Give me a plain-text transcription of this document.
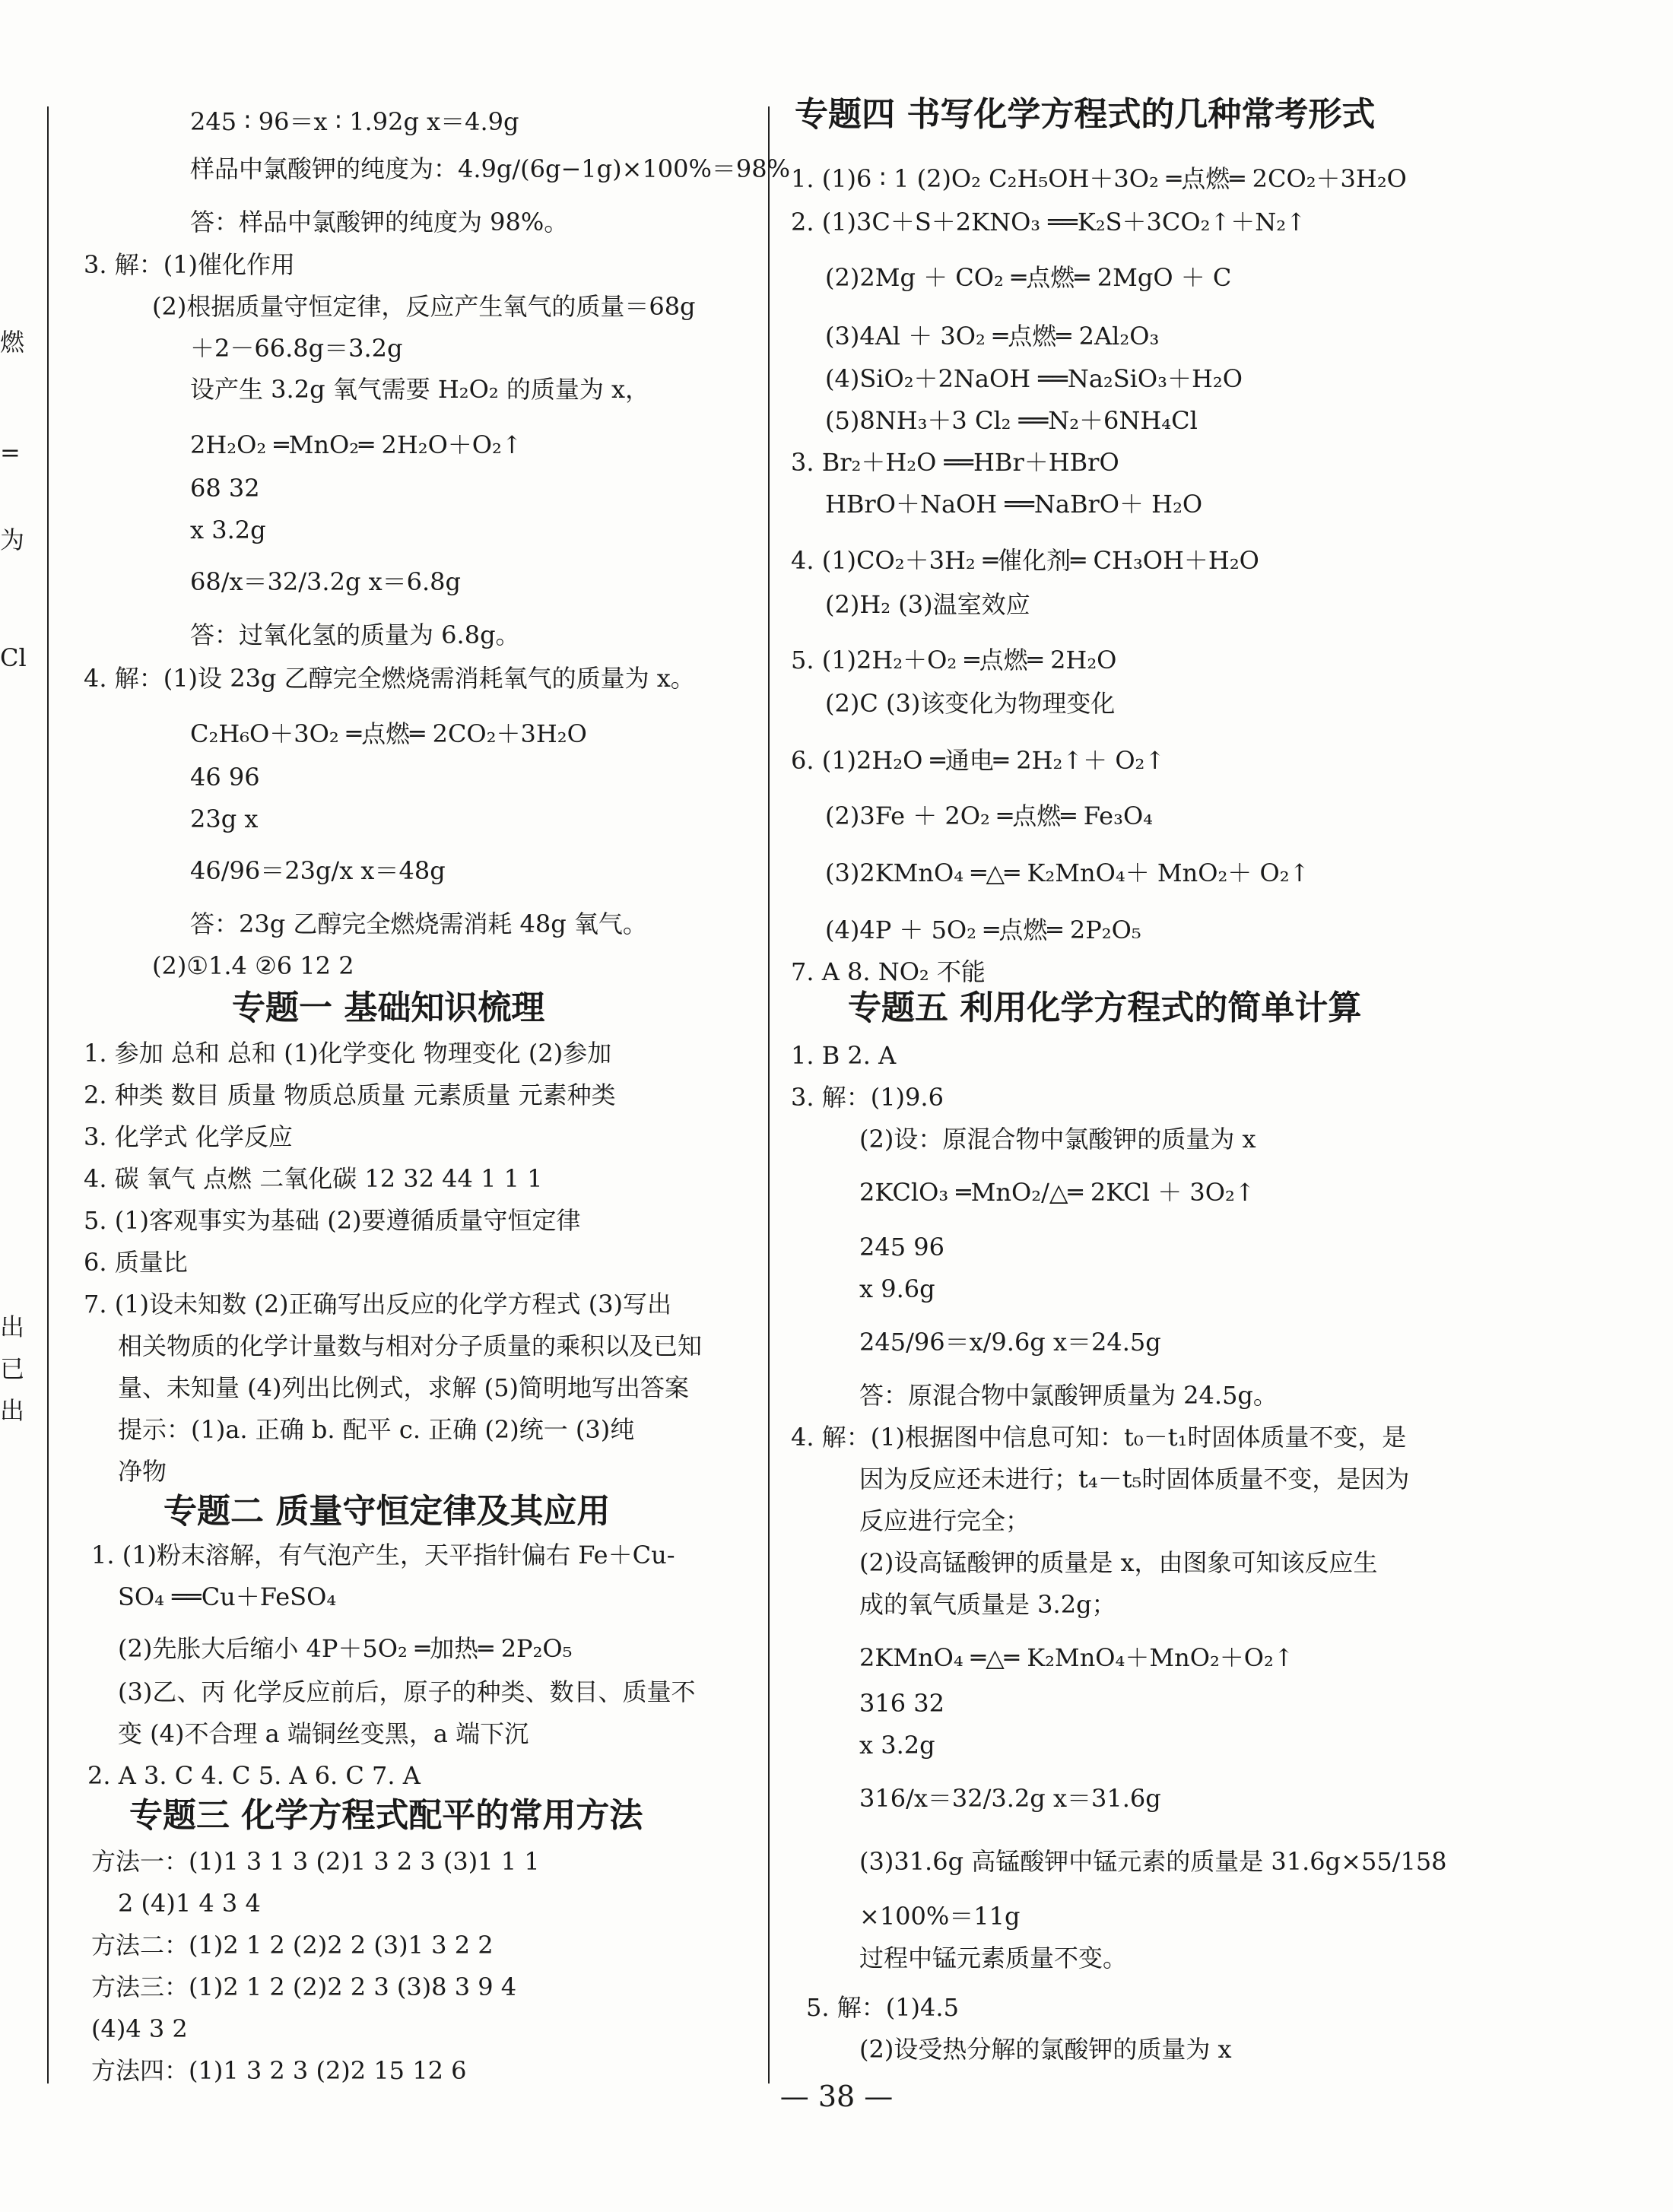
燃
=
为
Cl
出
已
出
245 ∶ 96＝x ∶ 1.92g x＝4.9g
样品中氯酸钾的纯度为：4.9g/(6g−1g)×100%＝98%
答：样品中氯酸钾的纯度为 98%。
3. 解：(1)催化作用
(2)根据质量守恒定律，反应产生氧气的质量＝68g
＋2－66.8g＝3.2g
设产生 3.2g 氧气需要 H₂O₂ 的质量为 x，
2H₂O₂ ═MnO₂═ 2H₂O＋O₂↑
68 32
x 3.2g
68/x＝32/3.2g x＝6.8g
答：过氧化氢的质量为 6.8g。
4. 解：(1)设 23g 乙醇完全燃烧需消耗氧气的质量为 x。
C₂H₆O＋3O₂ ═点燃═ 2CO₂＋3H₂O
46 96
23g x
46/96＝23g/x x＝48g
答：23g 乙醇完全燃烧需消耗 48g 氧气。
(2)①1.4 ②6 12 2
专题一 基础知识梳理
1. 参加 总和 总和 (1)化学变化 物理变化 (2)参加
2. 种类 数目 质量 物质总质量 元素质量 元素种类
3. 化学式 化学反应
4. 碳 氧气 点燃 二氧化碳 12 32 44 1 1 1
5. (1)客观事实为基础 (2)要遵循质量守恒定律
6. 质量比
7. (1)设未知数 (2)正确写出反应的化学方程式 (3)写出
相关物质的化学计量数与相对分子质量的乘积以及已知
量、未知量 (4)列出比例式，求解 (5)简明地写出答案
提示：(1)a. 正确 b. 配平 c. 正确 (2)统一 (3)纯
净物
专题二 质量守恒定律及其应用
1. (1)粉末溶解，有气泡产生，天平指针偏右 Fe＋Cu-
SO₄ ══Cu＋FeSO₄
(2)先胀大后缩小 4P＋5O₂ ═加热═ 2P₂O₅
(3)乙、丙 化学反应前后，原子的种类、数目、质量不
变 (4)不合理 a 端铜丝变黑，a 端下沉
2. A 3. C 4. C 5. A 6. C 7. A
专题三 化学方程式配平的常用方法
方法一：(1)1 3 1 3 (2)1 3 2 3 (3)1 1 1
2 (4)1 4 3 4
方法二：(1)2 1 2 (2)2 2 (3)1 3 2 2
方法三：(1)2 1 2 (2)2 2 3 (3)8 3 9 4
(4)4 3 2
方法四：(1)1 3 2 3 (2)2 15 12 6
专题四 书写化学方程式的几种常考形式
1. (1)6 ∶ 1 (2)O₂ C₂H₅OH＋3O₂ ═点燃═ 2CO₂＋3H₂O
2. (1)3C＋S＋2KNO₃ ══K₂S＋3CO₂↑＋N₂↑
(2)2Mg ＋ CO₂ ═点燃═ 2MgO ＋ C
(3)4Al ＋ 3O₂ ═点燃═ 2Al₂O₃
(4)SiO₂＋2NaOH ══Na₂SiO₃＋H₂O
(5)8NH₃＋3 Cl₂ ══N₂＋6NH₄Cl
3. Br₂＋H₂O ══HBr＋HBrO
HBrO＋NaOH ══NaBrO＋ H₂O
4. (1)CO₂＋3H₂ ═催化剂═ CH₃OH＋H₂O
(2)H₂ (3)温室效应
5. (1)2H₂＋O₂ ═点燃═ 2H₂O
(2)C (3)该变化为物理变化
6. (1)2H₂O ═通电═ 2H₂↑＋ O₂↑
(2)3Fe ＋ 2O₂ ═点燃═ Fe₃O₄
(3)2KMnO₄ ═△═ K₂MnO₄＋ MnO₂＋ O₂↑
(4)4P ＋ 5O₂ ═点燃═ 2P₂O₅
7. A 8. NO₂ 不能
专题五 利用化学方程式的简单计算
1. B 2. A
3. 解：(1)9.6
(2)设：原混合物中氯酸钾的质量为 x
2KClO₃ ═MnO₂/△═ 2KCl ＋ 3O₂↑
245 96
x 9.6g
245/96＝x/9.6g x＝24.5g
答：原混合物中氯酸钾质量为 24.5g。
4. 解：(1)根据图中信息可知：t₀－t₁时固体质量不变，是
因为反应还未进行；t₄－t₅时固体质量不变，是因为
反应进行完全；
(2)设高锰酸钾的质量是 x，由图象可知该反应生
成的氧气质量是 3.2g；
2KMnO₄ ═△═ K₂MnO₄＋MnO₂＋O₂↑
316 32
x 3.2g
316/x＝32/3.2g x＝31.6g
(3)31.6g 高锰酸钾中锰元素的质量是 31.6g×55/158
×100%＝11g
过程中锰元素质量不变。
5. 解：(1)4.5
(2)设受热分解的氯酸钾的质量为 x
— 38 —
